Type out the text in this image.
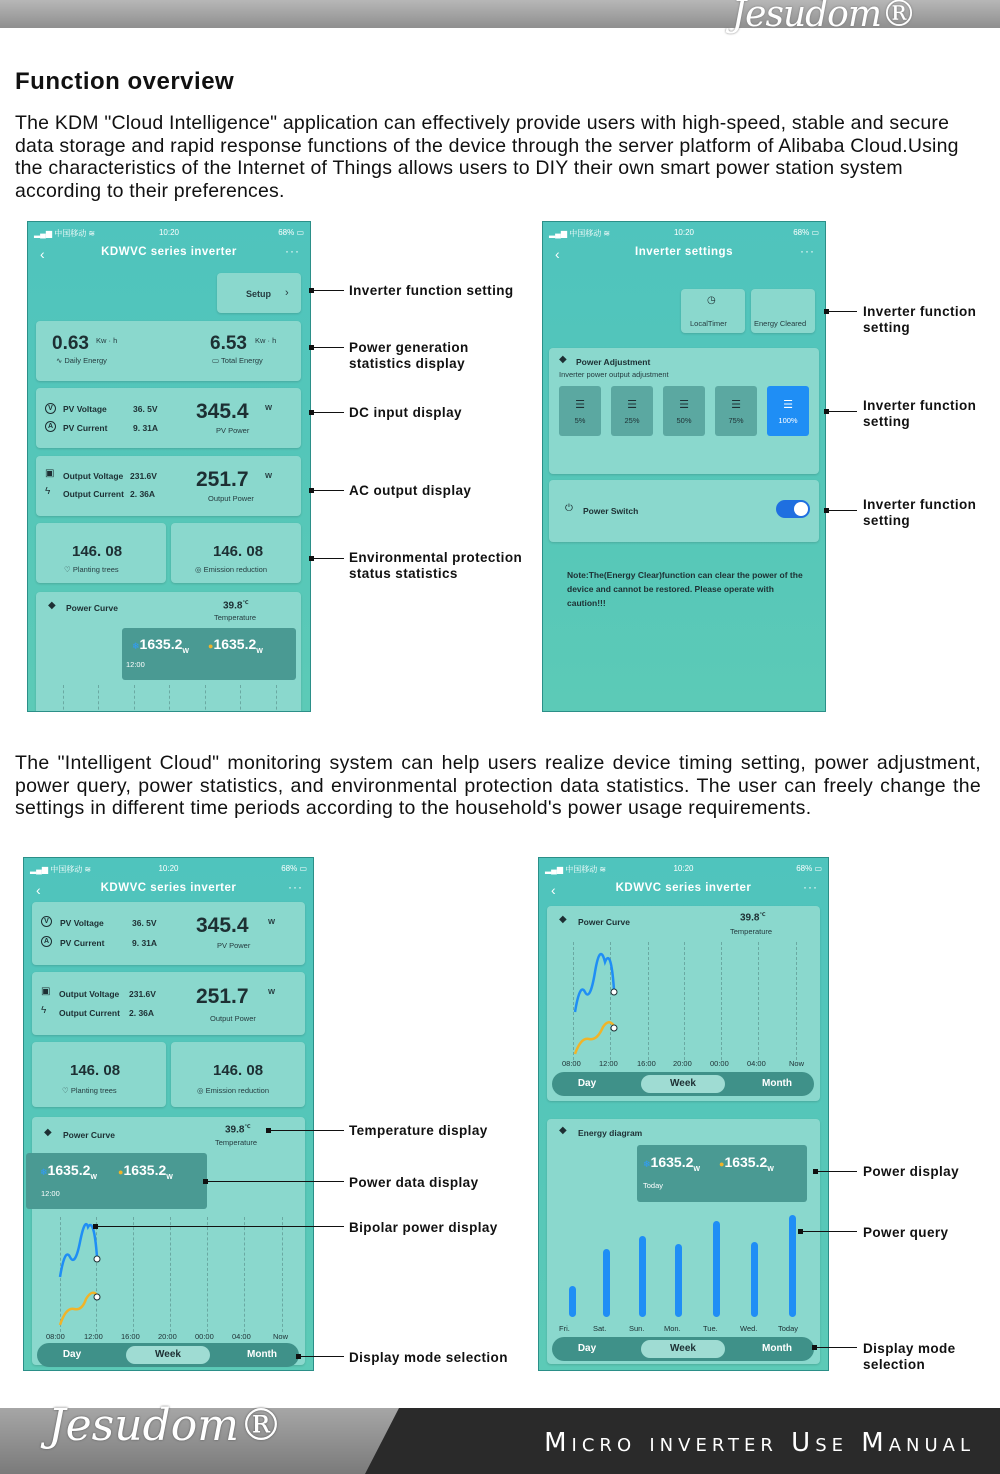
Jesudom®
Function overview
The KDM "Cloud Intelligence" application can effectively provide users with high-speed, stable and secure data storage and rapid response functions of the device through the server platform of Alibaba Cloud.Using the characteristics of the Internet of Things allows users to DIY their own smart power station system according to their preferences.
▂▄▆ 中国移动 ≋	10:20	68% ▭
‹	KDWVC series inverter	···
Setup ›
0.63 Kw · h
∿ Daily Energy
6.53 Kw · h
▭ Total Energy
V	PV Voltage	36. 5V
A	PV Current	9. 31A
345.4 W
PV Power
▣ Output Voltage 231.6V
ϟ Output Current 2. 36A
251.7 W
Output Power
146. 08
♡ Planting trees
146. 08
◎ Emission reduction
◆ Power Curve	39.8℃
Temperature
$❄1635.2_W$
$●1635.2_W$
12:00
Inverter function setting
Power generation statistics display
DC input display
AC output display
Environmental protection status statistics
▂▄▆ 中国移动 ≋	10:20	68% ▭
‹	Inverter settings	···
◷
LocalTimer	Energy Cleared
◆ Power Adjustment
Inverter power output adjustment
☰
5%
☰
25%
☰
50%
☰
75%
☰
100%
⏻ Power Switch
Note:The(Energy Clear)function can clear the power of the device and cannot be restored. Please operate with caution!!!
Inverter function setting
Inverter function setting
Inverter function setting
The "Intelligent Cloud" monitoring system can help users realize device timing setting, power adjustment, power query, power statistics, and environmental protection data statistics. The user can freely change the settings in different time periods according to the household's power usage requirements.
▂▄▆ 中国移动 ≋	10:20	68% ▭
‹	KDWVC series inverter	···
V	PV Voltage	36. 5V
A	PV Current	9. 31A
345.4	W
PV Power
▣ Output Voltage 231.6V
ϟ Output Current 2. 36A
251.7	W
Output Power
146. 08
♡ Planting trees
146. 08
◎ Emission reduction
◆ Power Curve	39.8℃
Temperature
$❄1635.2_W$
$●1635.2_W$
12:00
08:00	12:00 16:00 20:00 00:00 04:00	Now
Day	Week	Month
Temperature display
Power data display
Bipolar power display
Display mode selection
▂▄▆ 中国移动 ≋	10:20	68% ▭
‹	KDWVC series inverter	···
◆ Power Curve	39.8℃
Temperature
08:00 12:00	16:00 20:00 00:00 04:00	Now
Day	Week	Month
◆ Energy diagram
$❄1635.2_W$
$●1635.2_W$
Today
Fri.	Sat.	Sun.	Mon.	Tue.	Wed.	Today
Day	Week	Month
Power display
Power query
Display mode selection
Jesudom®	Micro inverter Use Manual
